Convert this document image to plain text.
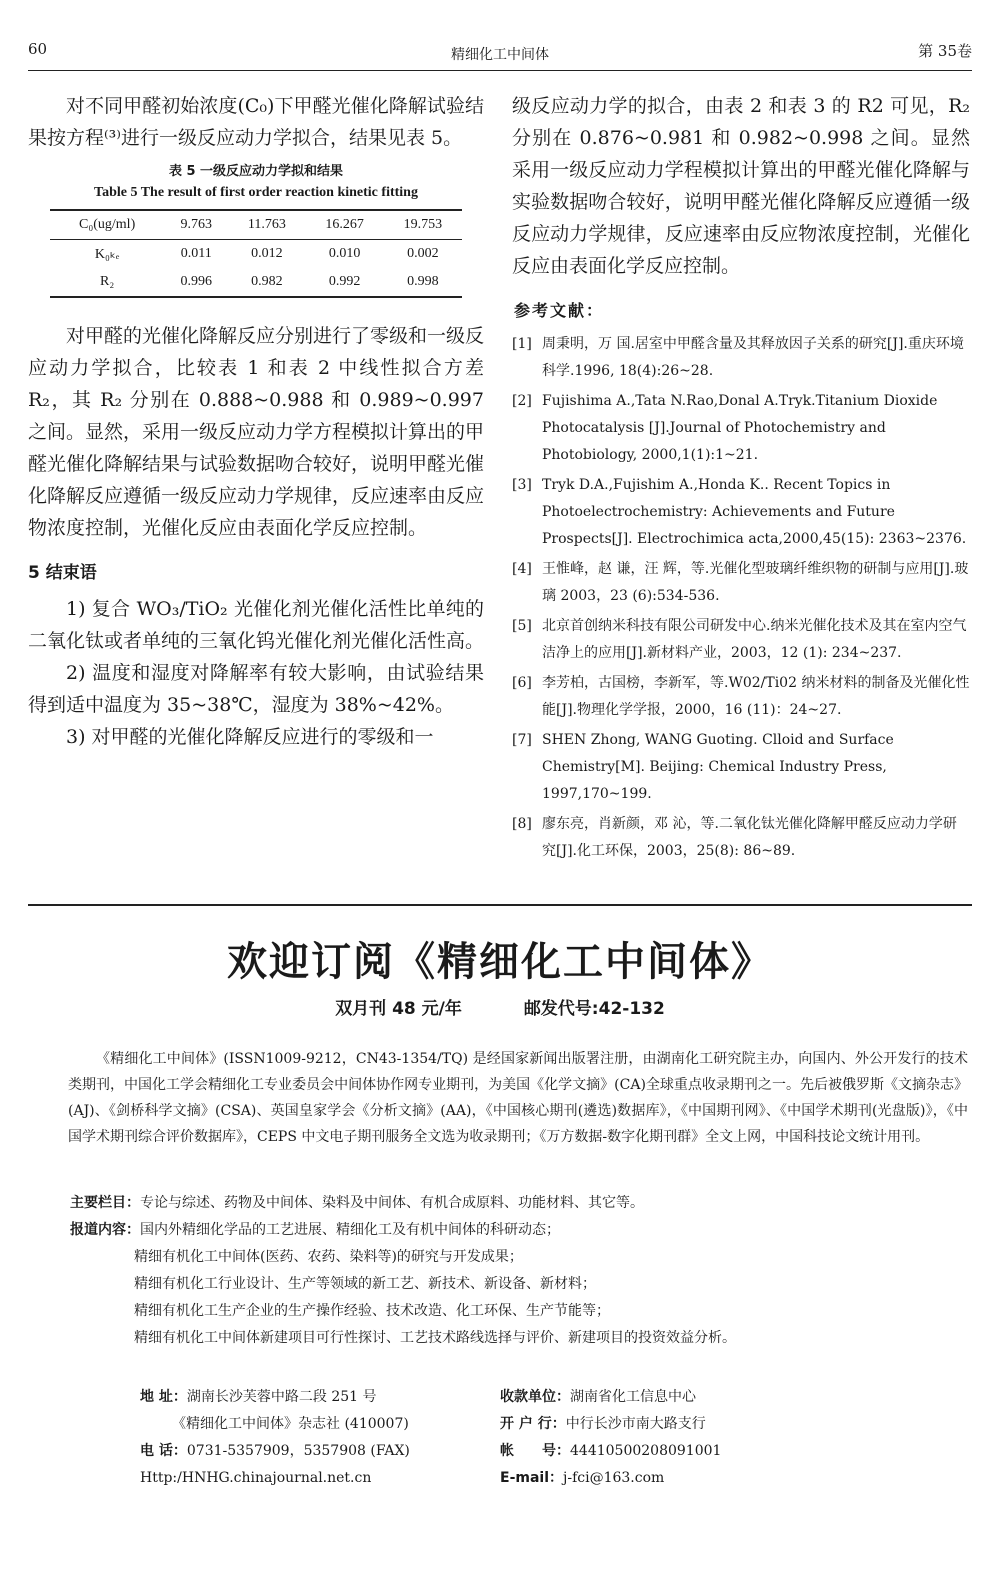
60	精细化工中间体	第 35卷

对不同甲醛初始浓度(C₀)下甲醛光催化降解试验结果按方程⁽³⁾进行一级反应动力学拟合，结果见表 5。

表 5 一级反应动力学拟和结果
Table 5 The result of first order reaction kinetic fitting
C₀(ug/ml)	9.763	11.763	16.267	19.753
K₀ₖₑ	0.011	0.012	0.010	0.002
R₂	0.996	0.982	0.992	0.998

对甲醛的光催化降解反应分别进行了零级和一级反应动力学拟合，比较表 1 和表 2 中线性拟合方差 R₂，其 R₂ 分别在 0.888~0.988 和 0.989~0.997 之间。显然，采用一级反应动力学方程模拟计算出的甲醛光催化降解结果与试验数据吻合较好，说明甲醛光催化降解反应遵循一级反应动力学规律，反应速率由反应物浓度控制，光催化反应由表面化学反应控制。

5 结束语

1) 复合 WO₃/TiO₂ 光催化剂光催化活性比单纯的二氧化钛或者单纯的三氧化钨光催化剂光催化活性高。

2) 温度和湿度对降解率有较大影响，由试验结果得到适中温度为 35~38℃，湿度为 38%~42%。

3) 对甲醛的光催化降解反应进行的零级和一

级反应动力学的拟合，由表 2 和表 3 的 R2 可见，R₂ 分别在 0.876~0.981 和 0.982~0.998 之间。显然采用一级反应动力学程模拟计算出的甲醛光催化降解与实验数据吻合较好，说明甲醛光催化降解反应遵循一级反应动力学规律，反应速率由反应物浓度控制，光催化反应由表面化学反应控制。

参考文献：
[1] 周秉明，万 国.居室中甲醛含量及其释放因子关系的研究[J].重庆环境科学.1996, 18(4):26~28.
[2] Fujishima A.,Tata N.Rao,Donal A.Tryk.Titanium Dioxide Photocatalysis [J].Journal of Photochemistry and Photobiology, 2000,1(1):1~21.
[3] Tryk D.A.,Fujishim A.,Honda K.. Recent Topics in Photoelectrochemistry: Achievements and Future Prospects[J]. Electrochimica acta,2000,45(15): 2363~2376.
[4] 王惟峰，赵 谦，汪 辉，等.光催化型玻璃纤维织物的研制与应用[J].玻璃 2003，23 (6):534-536.
[5] 北京首创纳米科技有限公司研发中心.纳米光催化技术及其在室内空气洁净上的应用[J].新材料产业，2003，12 (1): 234~237.
[6] 李芳柏，古国榜，李新军，等.W02/Ti02 纳米材料的制备及光催化性能[J].物理化学学报，2000，16 (11)：24~27.
[7] SHEN Zhong, WANG Guoting. Clloid and Surface Chemistry[M]. Beijing: Chemical Industry Press, 1997,170~199.
[8] 廖东亮，肖新颜，邓 沁，等.二氧化钛光催化降解甲醛反应动力学研究[J].化工环保，2003，25(8): 86~89.
欢迎订阅《精细化工中间体》
双月刊 48 元/年	邮发代号:42-132
《精细化工中间体》(ISSN1009-9212，CN43-1354/TQ) 是经国家新闻出版署注册，由湖南化工研究院主办，向国内、外公开发行的技术类期刊，中国化工学会精细化工专业委员会中间体协作网专业期刊，为美国《化学文摘》(CA)全球重点收录期刊之一。先后被俄罗斯《文摘杂志》(AJ)、《剑桥科学文摘》(CSA)、英国皇家学会《分析文摘》(AA)，《中国核心期刊(遴选)数据库》，《中国期刊网》、《中国学术期刊(光盘版)》，《中国学术期刊综合评价数据库》，CEPS 中文电子期刊服务全文选为收录期刊；《万方数据-数字化期刊群》全文上网，中国科技论文统计用刊。
主要栏目：专论与综述、药物及中间体、染料及中间体、有机合成原料、功能材料、其它等。
报道内容：国内外精细化学品的工艺进展、精细化工及有机中间体的科研动态；
精细有机化工中间体(医药、农药、染料等)的研究与开发成果；
精细有机化工行业设计、生产等领域的新工艺、新技术、新设备、新材料；
精细有机化工生产企业的生产操作经验、技术改造、化工环保、生产节能等；
精细有机化工中间体新建项目可行性探讨、工艺技术路线选择与评价、新建项目的投资效益分析。
地 址：湖南长沙芙蓉中路二段 251 号
《精细化工中间体》杂志社 (410007)
电 话：0731-5357909，5357908 (FAX)
Http:/HNHG.chinajournal.net.cn
收款单位：湖南省化工信息中心
开 户 行：中行长沙市南大路支行
帐　　号：44410500208091001
E-mail：j-fci@163.com
